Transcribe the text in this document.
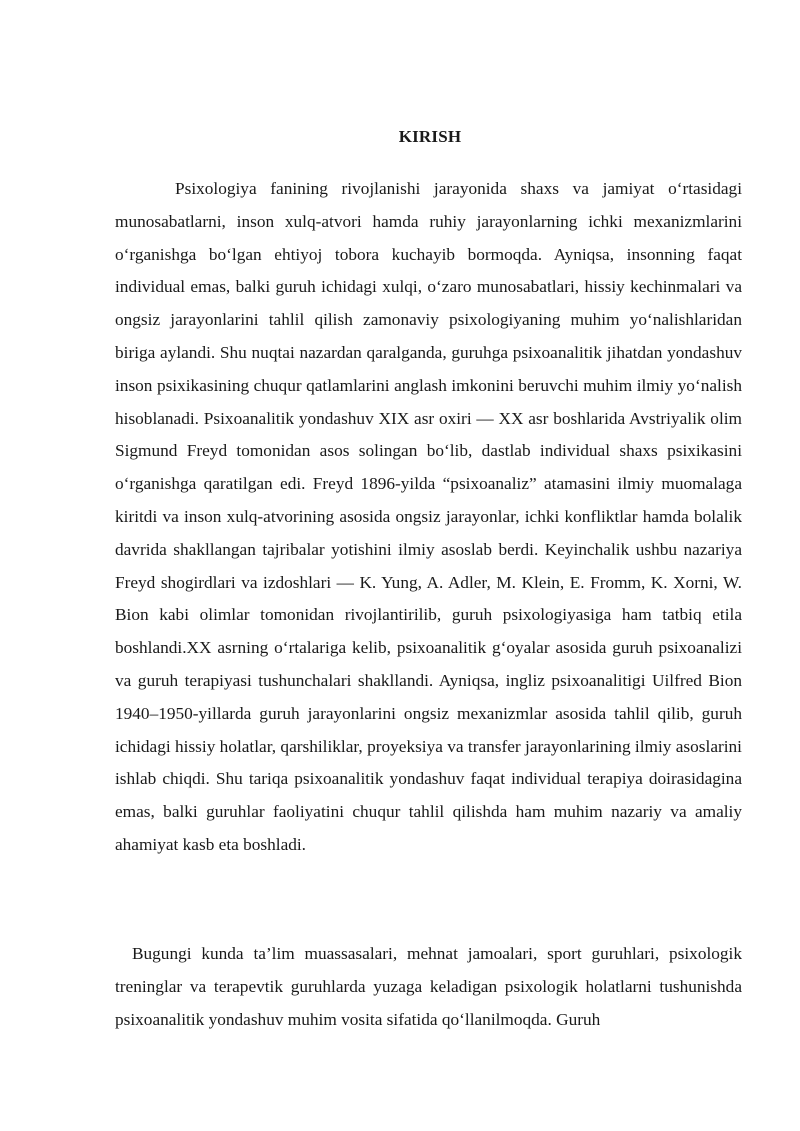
KIRISH

Psixologiya fanining rivojlanishi jarayonida shaxs va jamiyat o‘rtasidagi munosabatlarni, inson xulq-atvori hamda ruhiy jarayonlarning ichki mexanizmlarini o‘rganishga bo‘lgan ehtiyoj tobora kuchayib bormoqda. Ayniqsa, insonning faqat individual emas, balki guruh ichidagi xulqi, o‘zaro munosabatlari, hissiy kechinmalari va ongsiz jarayonlarini tahlil qilish zamonaviy psixologiyaning muhim yo‘nalishlaridan biriga aylandi. Shu nuqtai nazardan qaralganda, guruhga psixoanalitik jihatdan yondashuv inson psixikasining chuqur qatlamlarini anglash imkonini beruvchi muhim ilmiy yo‘nalish hisoblanadi. Psixoanalitik yondashuv XIX asr oxiri — XX asr boshlarida Avstriyalik olim Sigmund Freyd tomonidan asos solingan bo‘lib, dastlab individual shaxs psixikasini o‘rganishga qaratilgan edi. Freyd 1896-yilda “psixoanaliz” atamasini ilmiy muomalaga kiritdi va inson xulq-atvorining asosida ongsiz jarayonlar, ichki konfliktlar hamda bolalik davrida shakllangan tajribalar yotishini ilmiy asoslab berdi. Keyinchalik ushbu nazariya Freyd shogirdlari va izdoshlari — K. Yung, A. Adler, M. Klein, E. Fromm, K. Xorni, W. Bion kabi olimlar tomonidan rivojlantirilib, guruh psixologiyasiga ham tatbiq etila boshlandi.XX asrning o‘rtalariga kelib, psixoanalitik g‘oyalar asosida guruh psixoanalizi va guruh terapiyasi tushunchalari shakllandi. Ayniqsa, ingliz psixoanalitigi Uilfred Bion 1940–1950-yillarda guruh jarayonlarini ongsiz mexanizmlar asosida tahlil qilib, guruh ichidagi hissiy holatlar, qarshiliklar, proyeksiya va transfer jarayonlarining ilmiy asoslarini ishlab chiqdi. Shu tariqa psixoanalitik yondashuv faqat individual terapiya doirasidagina emas, balki guruhlar faoliyatini chuqur tahlil qilishda ham muhim nazariy va amaliy ahamiyat kasb eta boshladi.

Bugungi kunda ta’lim muassasalari, mehnat jamoalari, sport guruhlari, psixologik treninglar va terapevtik guruhlarda yuzaga keladigan psixologik holatlarni tushunishda psixoanalitik yondashuv muhim vosita sifatida qo‘llanilmoqda. Guruh
